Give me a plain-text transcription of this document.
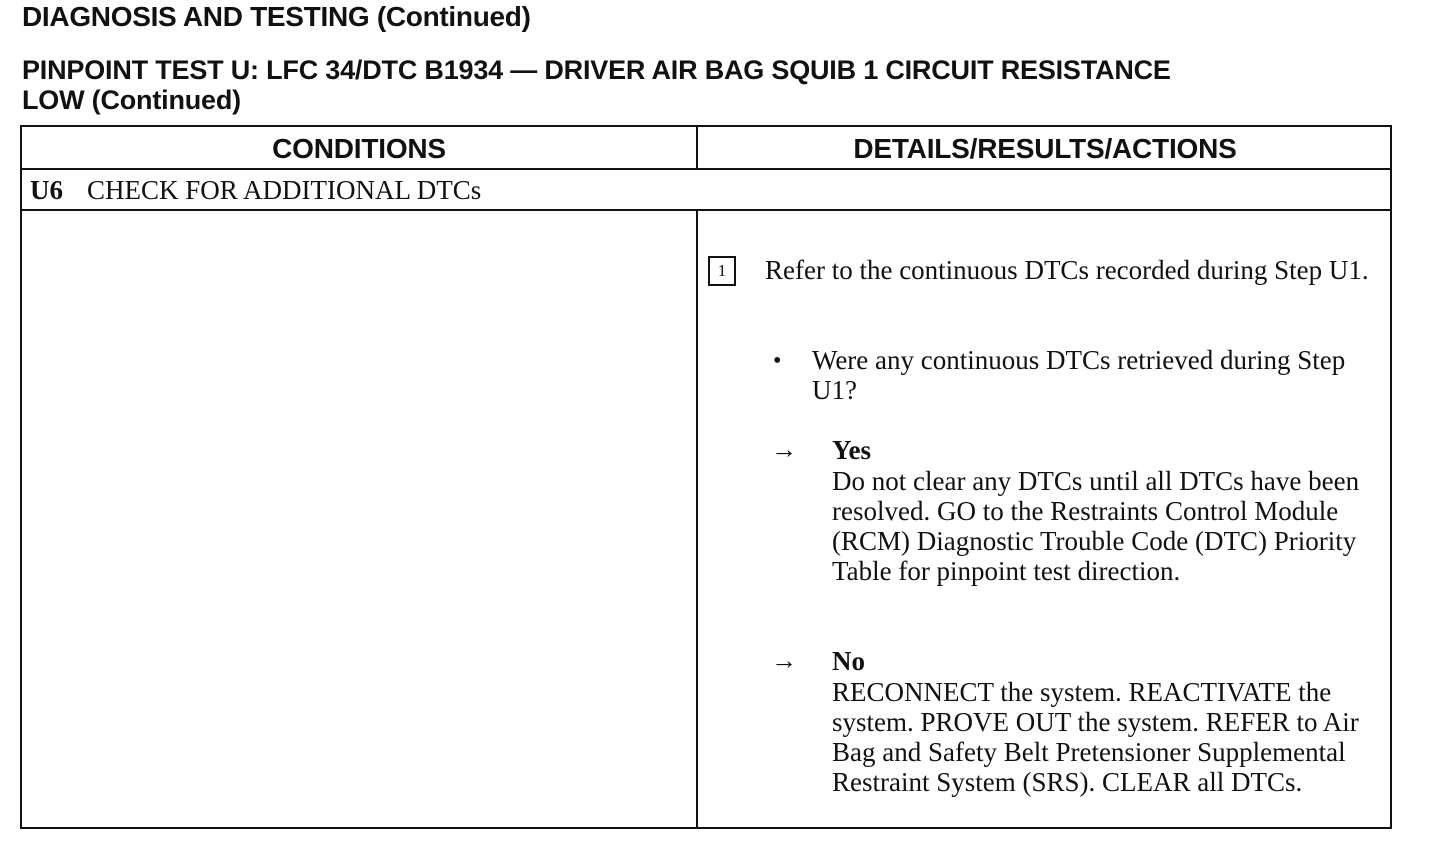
DIAGNOSIS AND TESTING (Continued)
PINPOINT TEST U: LFC 34/DTC B1934 — DRIVER AIR BAG SQUIB 1 CIRCUIT RESISTANCE
LOW (Continued)
CONDITIONS	DETAILS/RESULTS/ACTIONS
U6 CHECK FOR ADDITIONAL DTCs
1	Refer to the continuous DTCs recorded during Step U1.
• Were any continuous DTCs retrieved during Step U1?
→ Yes
Do not clear any DTCs until all DTCs have been resolved. GO to the Restraints Control Module (RCM) Diagnostic Trouble Code (DTC) Priority Table for pinpoint test direction.
→ No
RECONNECT the system. REACTIVATE the system. PROVE OUT the system. REFER to Air Bag and Safety Belt Pretensioner Supplemental Restraint System (SRS). CLEAR all DTCs.
